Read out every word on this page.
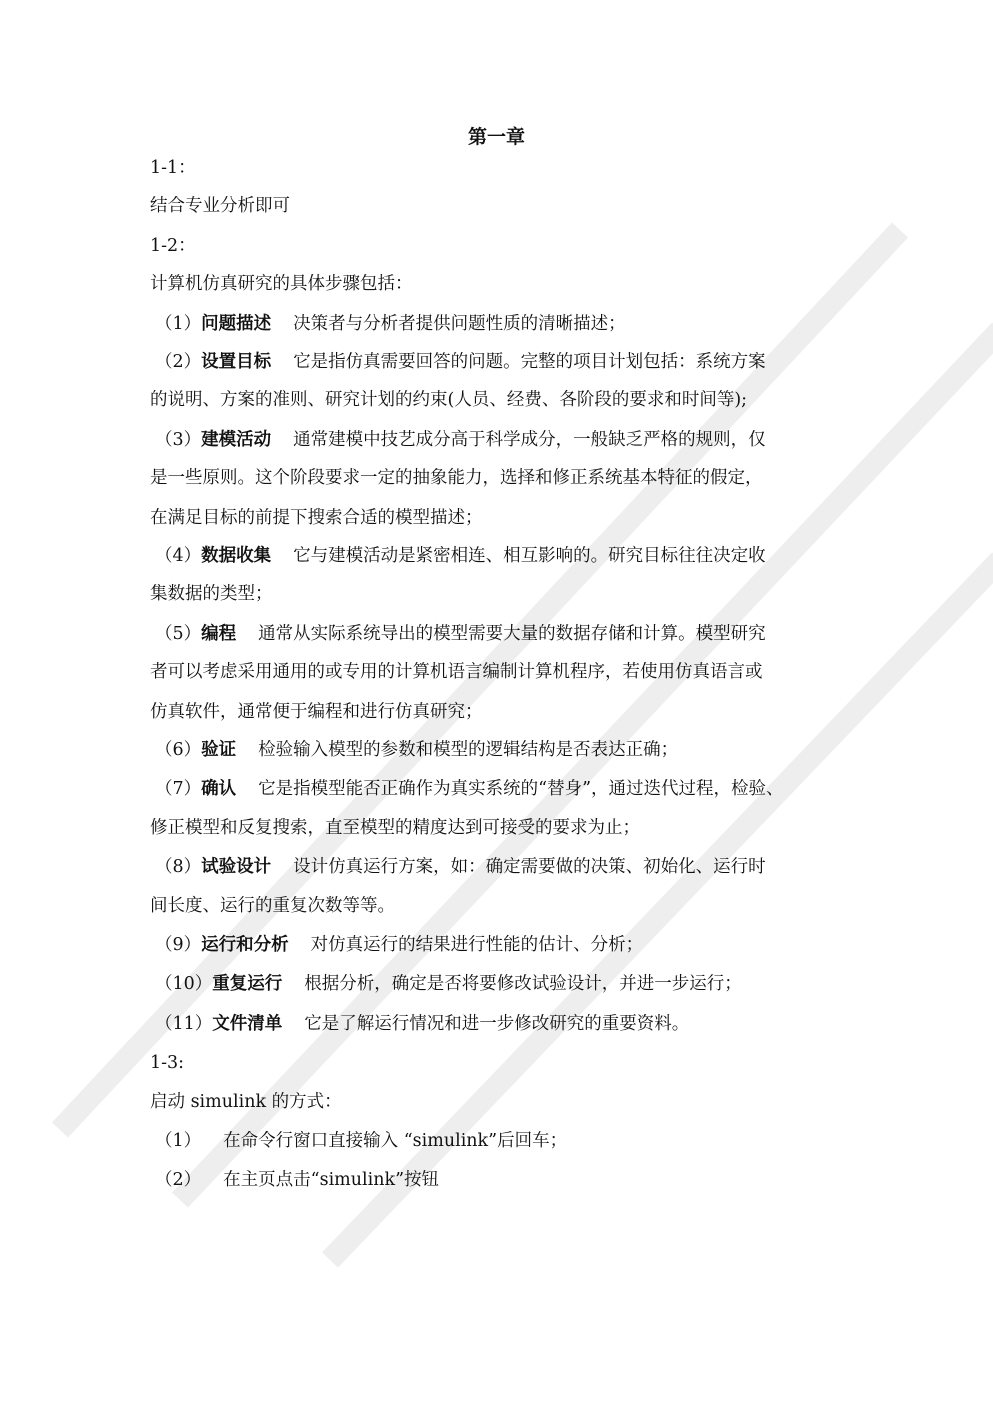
第一章
1-1：
结合专业分析即可
1-2：
计算机仿真研究的具体步骤包括：
（1）问题描述 决策者与分析者提供问题性质的清晰描述；
（2）设置目标 它是指仿真需要回答的问题。完整的项目计划包括：系统方案
的说明、方案的准则、研究计划的约束(人员、经费、各阶段的要求和时间等);
（3）建模活动 通常建模中技艺成分高于科学成分，一般缺乏严格的规则，仅
是一些原则。这个阶段要求一定的抽象能力，选择和修正系统基本特征的假定，
在满足目标的前提下搜索合适的模型描述；
（4）数据收集 它与建模活动是紧密相连、相互影响的。研究目标往往决定收
集数据的类型；
（5）编程 通常从实际系统导出的模型需要大量的数据存储和计算。模型研究
者可以考虑采用通用的或专用的计算机语言编制计算机程序，若使用仿真语言或
仿真软件，通常便于编程和进行仿真研究；
（6）验证 检验输入模型的参数和模型的逻辑结构是否表达正确；
（7）确认 它是指模型能否正确作为真实系统的“替身”，通过迭代过程，检验、
修正模型和反复搜索，直至模型的精度达到可接受的要求为止；
（8）试验设计 设计仿真运行方案，如：确定需要做的决策、初始化、运行时
间长度、运行的重复次数等等。
（9）运行和分析 对仿真运行的结果进行性能的估计、分析；
（10）重复运行 根据分析，确定是否将要修改试验设计，并进一步运行；
（11）文件清单 它是了解运行情况和进一步修改研究的重要资料。
1-3:
启动 simulink 的方式：
（1） 在命令行窗口直接输入 “simulink”后回车；
（2） 在主页点击“simulink”按钮
